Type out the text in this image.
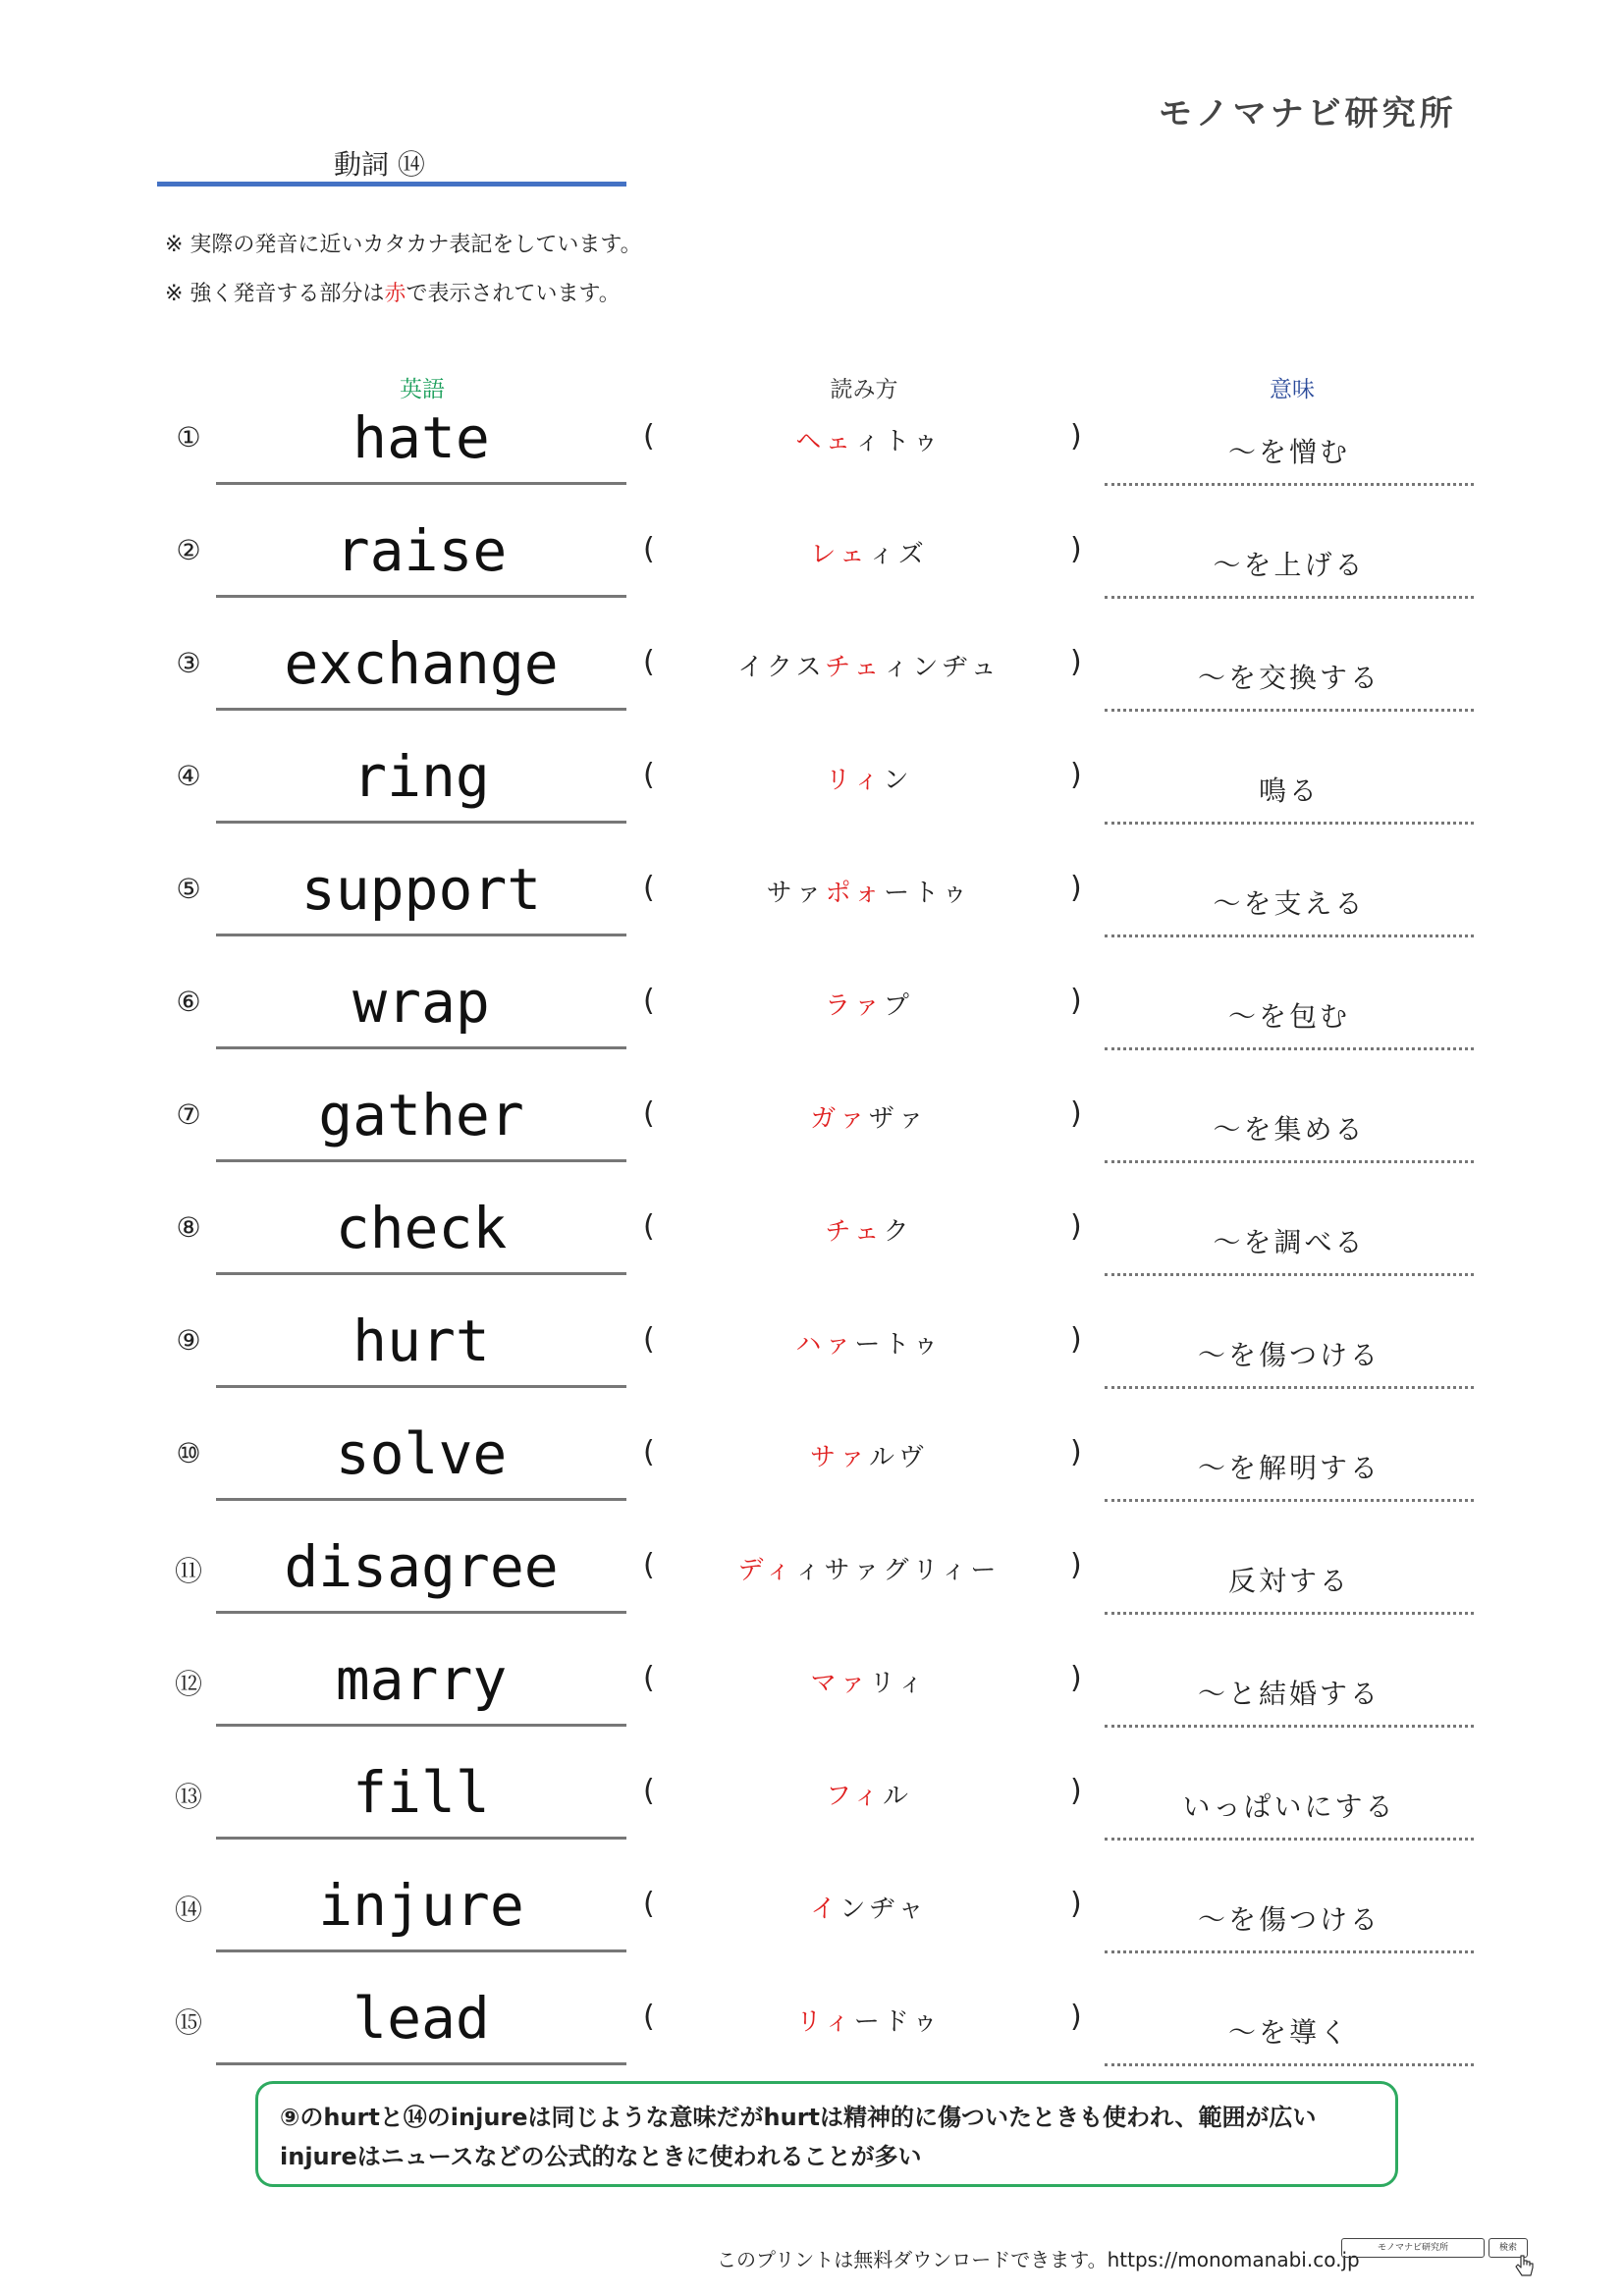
モノマナビ研究所
動詞 ⑭
※ 実際の発音に近いカタカナ表記をしています。
※ 強く発音する部分は赤で表示されています。
英語	読み方	意味
①	hate	(	ヘェィトゥ	)	～を憎む
②	raise	(	レェィズ	)	～を上げる
③	exchange	(	イクスチェィンヂュ	)	～を交換する
④	ring	(	リィン	)	鳴る
⑤	support	(	サァポォートゥ	)	～を支える
⑥	wrap	(	ラァプ	)	～を包む
⑦	gather	(	ガァザァ	)	～を集める
⑧	check	(	チェク	)	～を調べる
⑨	hurt	(	ハァートゥ	)	～を傷つける
⑩	solve	(	サァルヴ	)	～を解明する
⑪	disagree	(	ディィサァグリィー	)	反対する
⑫	marry	(	マァリィ	)	～と結婚する
⑬	fill	(	フィル	)	いっぱいにする
⑭	injure	(	インヂャ	)	～を傷つける
⑮	lead	(	リィードゥ	)	～を導く

⑨のhurtと⑭のinjureは同じような意味だがhurtは精神的に傷ついたときも使われ、範囲が広い

injureはニュースなどの公式的なときに使われることが多い

このプリントは無料ダウンロードできます。https://monomanabi.co.jp	モノマナビ研究所	検索
